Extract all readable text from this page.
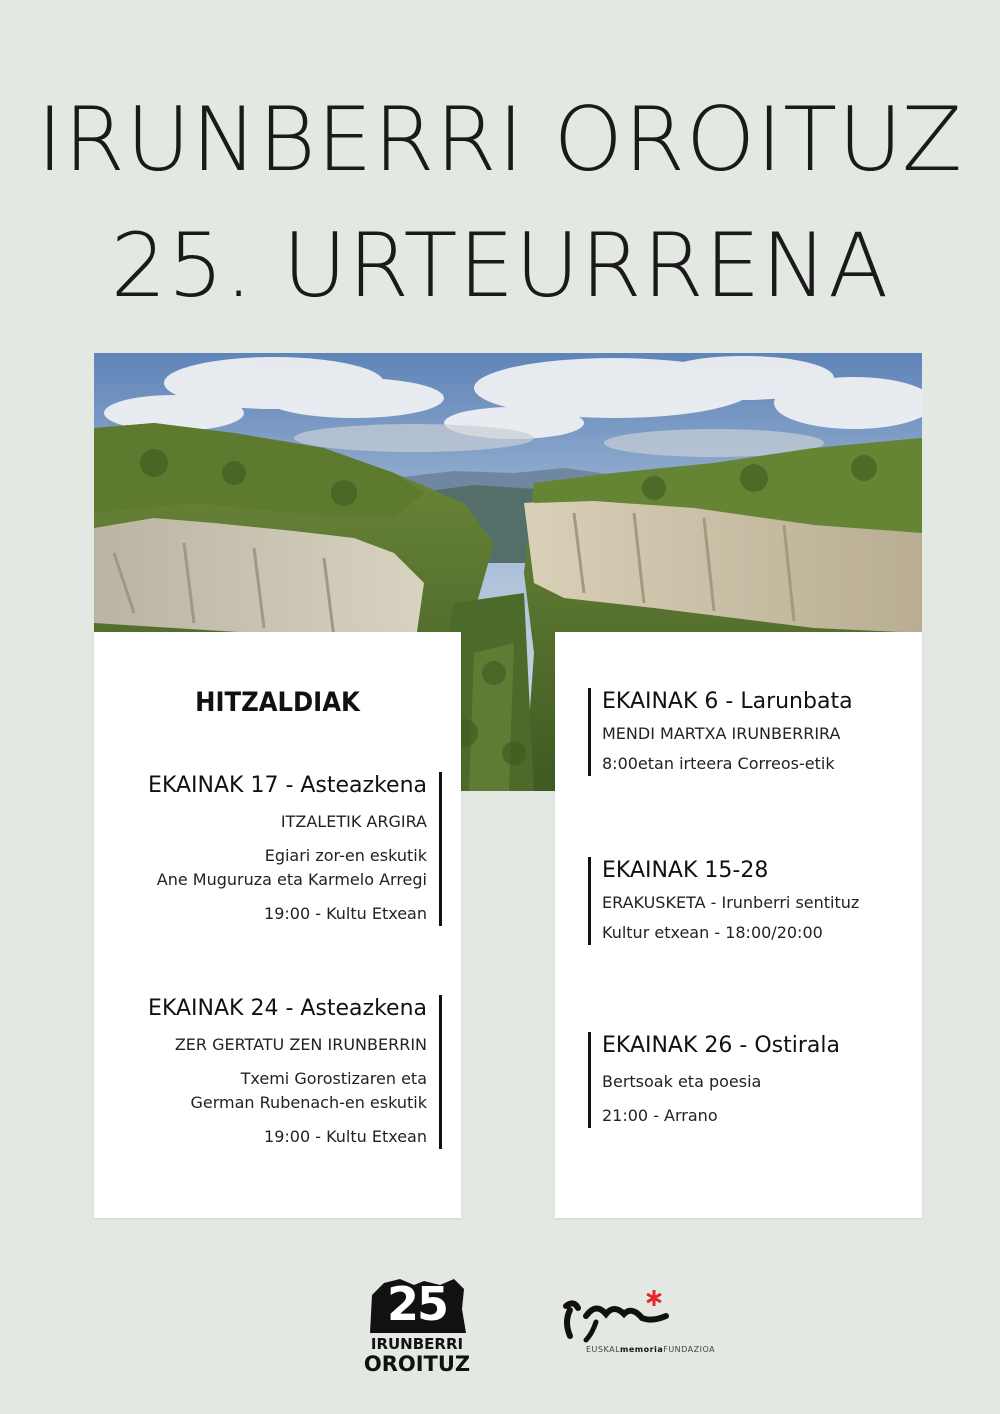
IRUNBERRI OROITUZ
25. URTEURRENA
HITZALDIAK
EKAINAK 17 - Asteazkena
ITZALETIK ARGIRA
Egiari zor-en eskutik
Ane Muguruza eta Karmelo Arregi
19:00 - Kultu Etxean
EKAINAK 24 - Asteazkena
ZER GERTATU ZEN IRUNBERRIN
Txemi Gorostizaren eta
German Rubenach-en eskutik
19:00 - Kultu Etxean
EKAINAK 6 - Larunbata
MENDI MARTXA IRUNBERRIRA
8:00etan irteera Correos-etik
EKAINAK 15-28
ERAKUSKETA - Irunberri sentituz
Kultur etxean - 18:00/20:00
EKAINAK 26 - Ostirala
Bertsoak eta poesia
21:00 - Arrano
25
IRUNBERRI
OROITUZ
EUSKALmemoriaFUNDAZIOA
